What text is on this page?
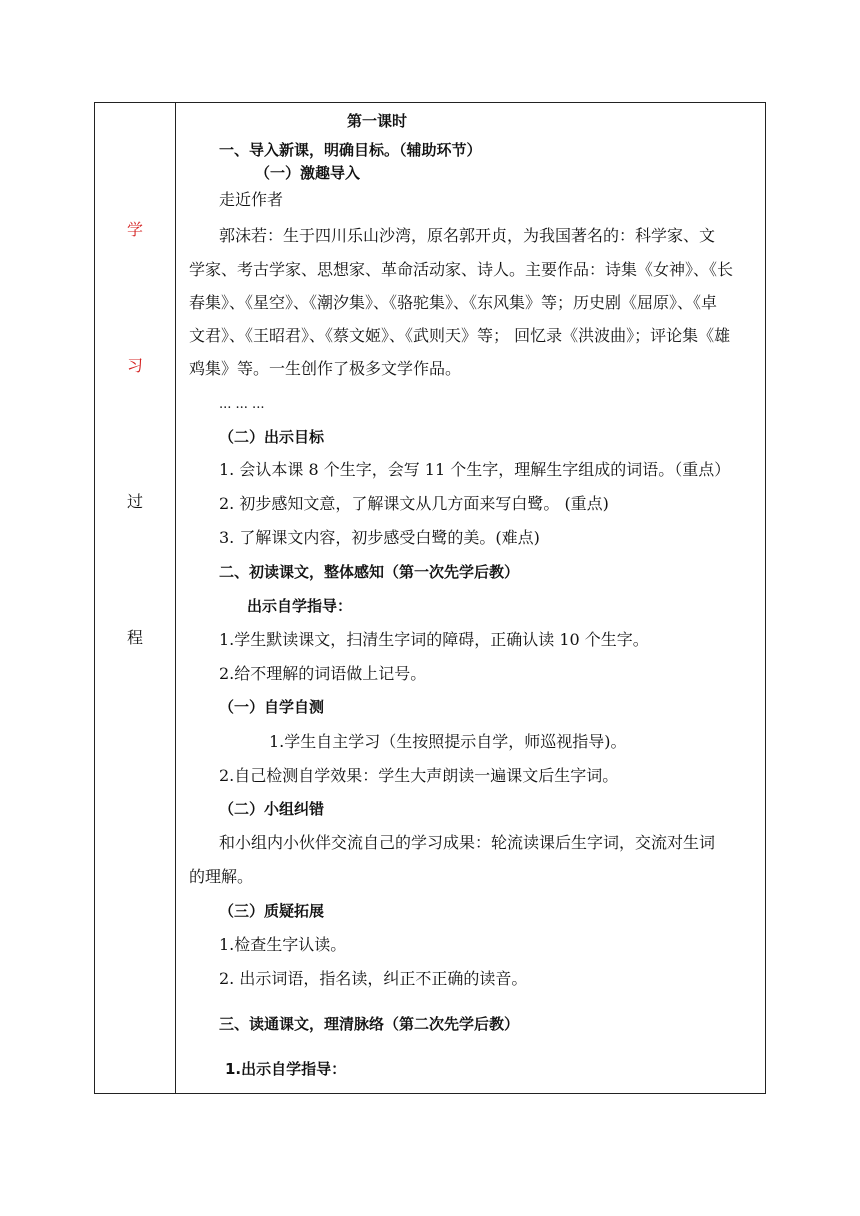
学
习
过
程

第一课时

一、导入新课，明确目标。（辅助环节）

（一）激趣导入

走近作者

郭沫若：生于四川乐山沙湾，原名郭开贞，为我国著名的：科学家、文

学家、考古学家、思想家、革命活动家、诗人。主要作品：诗集《女神》、《长

春集》、《星空》、《潮汐集》、《骆驼集》、《东风集》等；历史剧《屈原》、《卓

文君》、《王昭君》、《蔡文姬》、《武则天》等； 回忆录《洪波曲》；评论集《雄

鸡集》等。一生创作了极多文学作品。

... ... ...

（二）出示目标

1. 会认本课 8 个生字，会写 11 个生字，理解生字组成的词语。（重点）

2. 初步感知文意，了解课文从几方面来写白鹭。 (重点)

3. 了解课文内容，初步感受白鹭的美。(难点)

二、初读课文，整体感知（第一次先学后教）

出示自学指导：

1.学生默读课文，扫清生字词的障碍，正确认读 10 个生字。

2.给不理解的词语做上记号。

（一）自学自测

1.学生自主学习（生按照提示自学，师巡视指导)。

2.自己检测自学效果：学生大声朗读一遍课文后生字词。

（二）小组纠错

和小组内小伙伴交流自己的学习成果：轮流读课后生字词，交流对生词

的理解。

（三）质疑拓展

1.检查生字认读。

2. 出示词语，指名读，纠正不正确的读音。

三、读通课文，理清脉络（第二次先学后教）

1.出示自学指导：
